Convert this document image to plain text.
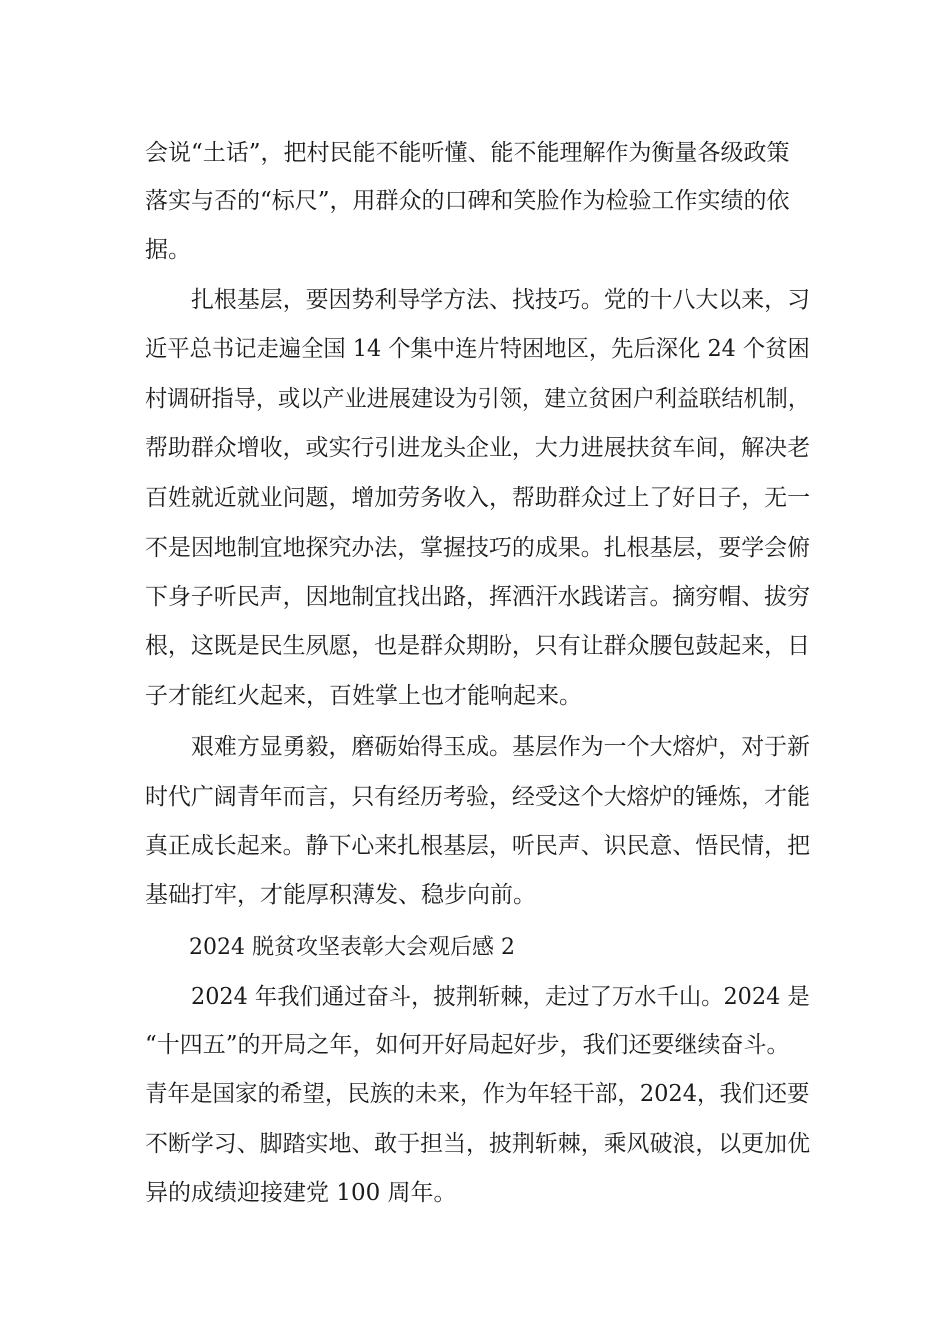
会说“土话”，把村民能不能听懂、能不能理解作为衡量各级政策
落实与否的“标尺”，用群众的口碑和笑脸作为检验工作实绩的依
据。
扎根基层，要因势利导学方法、找技巧。党的十八大以来，习
近平总书记走遍全国 14 个集中连片特困地区，先后深化 24 个贫困
村调研指导，或以产业进展建设为引领，建立贫困户利益联结机制，
帮助群众增收，或实行引进龙头企业，大力进展扶贫车间，解决老
百姓就近就业问题，增加劳务收入，帮助群众过上了好日子，无一
不是因地制宜地探究办法，掌握技巧的成果。扎根基层，要学会俯
下身子听民声，因地制宜找出路，挥洒汗水践诺言。摘穷帽、拔穷
根，这既是民生夙愿，也是群众期盼，只有让群众腰包鼓起来，日
子才能红火起来，百姓掌上也才能响起来。
艰难方显勇毅，磨砺始得玉成。基层作为一个大熔炉，对于新
时代广阔青年而言，只有经历考验，经受这个大熔炉的锤炼，才能
真正成长起来。静下心来扎根基层，听民声、识民意、悟民情，把
基础打牢，才能厚积薄发、稳步向前。
2024 脱贫攻坚表彰大会观后感 2
2024 年我们通过奋斗，披荆斩棘，走过了万水千山。2024 是
“十四五”的开局之年，如何开好局起好步，我们还要继续奋斗。
青年是国家的希望，民族的未来，作为年轻干部，2024，我们还要
不断学习、脚踏实地、敢于担当，披荆斩棘，乘风破浪，以更加优
异的成绩迎接建党 100 周年。
